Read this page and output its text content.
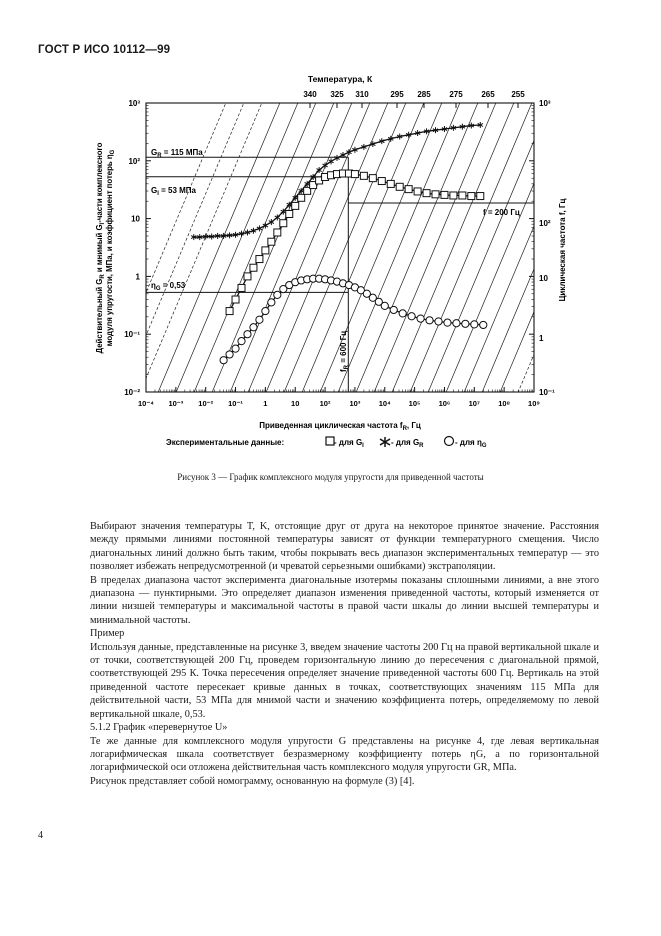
ГОСТ Р ИСО 10112—99
Температура, К
340 325 310	295 285 275 265 255
Действительный $G_R$ и мнимый $G_I$-части комплексного модуля упругости, МПа, и коэффициент потерь $\eta_G$
10³
10²
10
1
10⁻¹
10⁻²
Циклическая частота f, Гц
10³
10²
10
1
10⁻¹
10⁻⁴ 10⁻³ 10⁻² 10⁻¹	1	10	10²	10³ 10⁴ 10⁵ 10⁶ 10⁷ 10⁸ 10⁹
Приведенная циклическая частота $f_R$, Гц
Экспериментальные данные:	- для $G_I$	- для $G_R$	- для $\eta_G$
$G_R = 115$ МПа
$G_I = 53$ МПа
$\eta_G = 0,53$
f = 200 Гц
$f_R = 600$ Гц
Рисунок 3 — График комплексного модуля упругости для приведенной частоты

Выбирают значения температуры T, K, отстоящие друг от друга на некоторое принятое значение. Расстояния между прямыми линиями постоянной температуры зависят от функции температурного смещения. Число диагональных линий должно быть таким, чтобы покрывать весь диапазон экспериментальных температур — это позволяет избежать непредусмотренной (и чреватой серьезными ошибками) экстраполяции.

В пределах диапазона частот эксперимента диагональные изотермы показаны сплошными линиями, а вне этого диапазона — пунктирными. Это определяет диапазон изменения приведенной частоты, который изменяется от линии низшей температуры и максимальной частоты в правой части шкалы до линии высшей температуры и минимальной частоты.

Пример

Используя данные, представленные на рисунке 3, введем значение частоты 200 Гц на правой вертикальной шкале и от точки, соответствующей 200 Гц, проведем горизонтальную линию до пересечения с диагональной прямой, соответствующей 295 К. Точка пересечения определяет значение приведенной частоты 600 Гц. Вертикаль на этой приведенной частоте пересекает кривые данных в точках, соответствующих значениям 115 МПа для действительной части, 53 МПа для мнимой части и значению коэффициента потерь, определяемому по левой вертикальной шкале, 0,53.

5.1.2 График «перевернутое U»

Те же данные для комплексного модуля упругости G представлены на рисунке 4, где левая вертикальная логарифмическая шкала соответствует безразмерному коэффициенту потерь ηG, а по горизонтальной логарифмической оси отложена действительная часть комплексного модуля упругости GR, МПа.

Рисунок представляет собой номограмму, основанную на формуле (3) [4].

4
